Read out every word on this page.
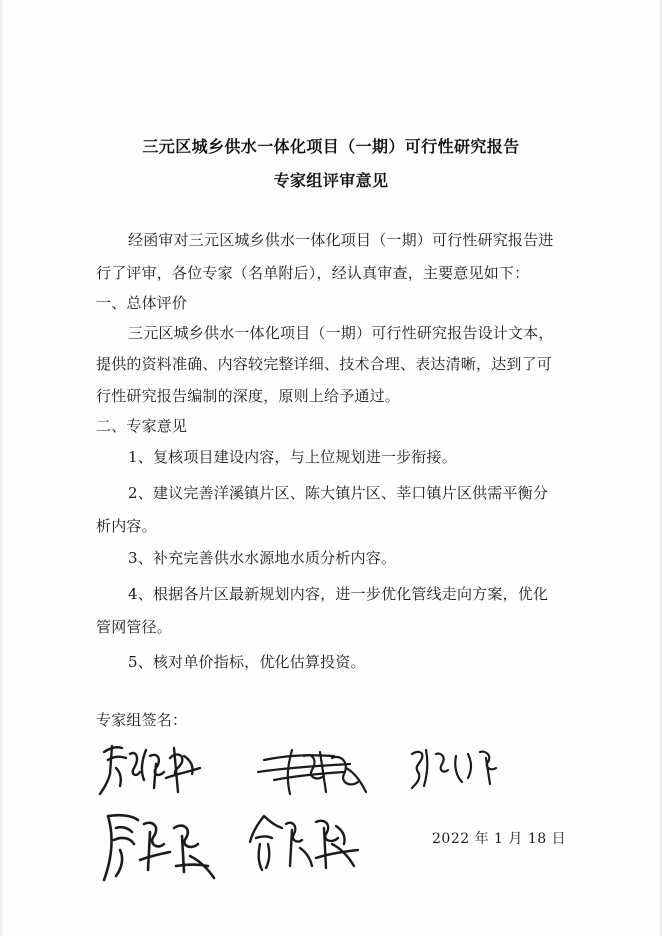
三元区城乡供水一体化项目（一期）可行性研究报告
专家组评审意见
经函审对三元区城乡供水一体化项目（一期）可行性研究报告进
行了评审，各位专家（名单附后），经认真审查，主要意见如下：
一、总体评价
三元区城乡供水一体化项目（一期）可行性研究报告设计文本，
提供的资料准确、内容较完整详细、技术合理、表达清晰，达到了可
行性研究报告编制的深度，原则上给予通过。
二、专家意见
1、复核项目建设内容，与上位规划进一步衔接。
2、建议完善洋溪镇片区、陈大镇片区、莘口镇片区供需平衡分
析内容。
3、补充完善供水水源地水质分析内容。
4、根据各片区最新规划内容，进一步优化管线走向方案，优化
管网管径。
5、核对单价指标，优化估算投资。
专家组签名：
2022 年 1 月 18 日
